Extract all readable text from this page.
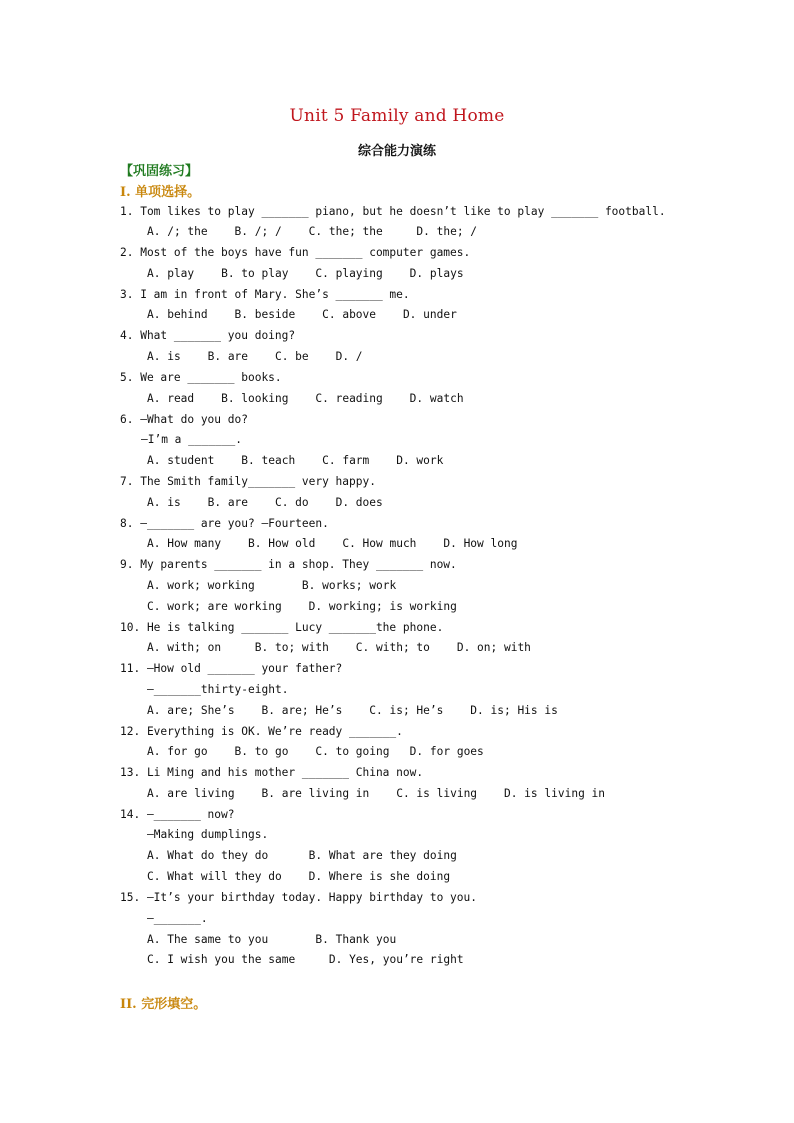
Unit 5 Family and Home
综合能力演练
【巩固练习】
I. 单项选择。
1. Tom likes to play _______ piano, but he doesn’t like to play _______ football.
A. /; the    B. /; /    C. the; the     D. the; /
2. Most of the boys have fun _______ computer games.
A. play    B. to play    C. playing    D. plays
3. I am in front of Mary. She’s _______ me.
A. behind    B. beside    C. above    D. under
4. What _______ you doing?
A. is    B. are    C. be    D. /
5. We are _______ books.
A. read    B. looking    C. reading    D. watch
6. —What do you do?
—I’m a _______.
A. student    B. teach    C. farm    D. work
7. The Smith family_______ very happy.
A. is    B. are    C. do    D. does
8. —_______ are you? —Fourteen.
A. How many    B. How old    C. How much    D. How long
9. My parents _______ in a shop. They _______ now.
A. work; working       B. works; work
C. work; are working    D. working; is working
10. He is talking _______ Lucy _______the phone.
A. with; on     B. to; with    C. with; to    D. on; with
11. —How old _______ your father?
—_______thirty-eight.
A. are; She’s    B. are; He’s    C. is; He’s    D. is; His is
12. Everything is OK. We’re ready _______.
A. for go    B. to go    C. to going   D. for goes
13. Li Ming and his mother _______ China now.
A. are living    B. are living in    C. is living    D. is living in
14. —_______ now?
—Making dumplings.
A. What do they do      B. What are they doing
C. What will they do    D. Where is she doing
15. —It’s your birthday today. Happy birthday to you.
—_______.
A. The same to you       B. Thank you
C. I wish you the same     D. Yes, you’re right
II. 完形填空。
